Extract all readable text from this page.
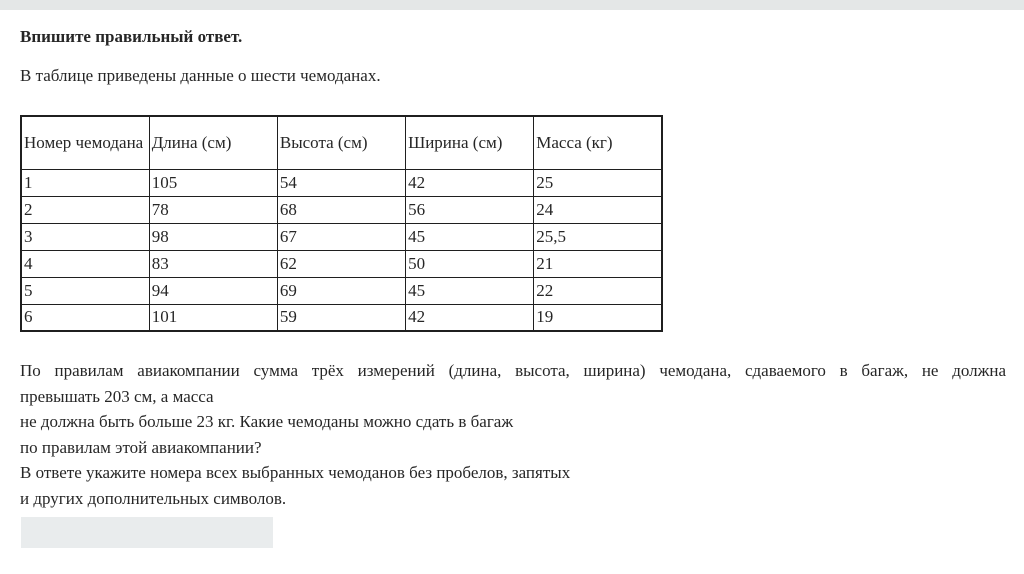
Впишите правильный ответ.
В таблице приведены данные о шести чемоданах.
Номер чемодана	Длина (см)	Высота (см)	Ширина (см)	Масса (кг)
1	105	54	42	25
2	78	68	56	24
3	98	67	45	25,5
4	83	62	50	21
5	94	69	45	22
6	101	59	42	19
По правилам авиакомпании сумма трёх измерений (длина, высота, ширина) чемодана, сдаваемого в багаж, не должна
превышать 203 см, а масса
не должна быть больше 23 кг. Какие чемоданы можно сдать в багаж
по правилам этой авиакомпании?
В ответе укажите номера всех выбранных чемоданов без пробелов, запятых
и других дополнительных символов.
